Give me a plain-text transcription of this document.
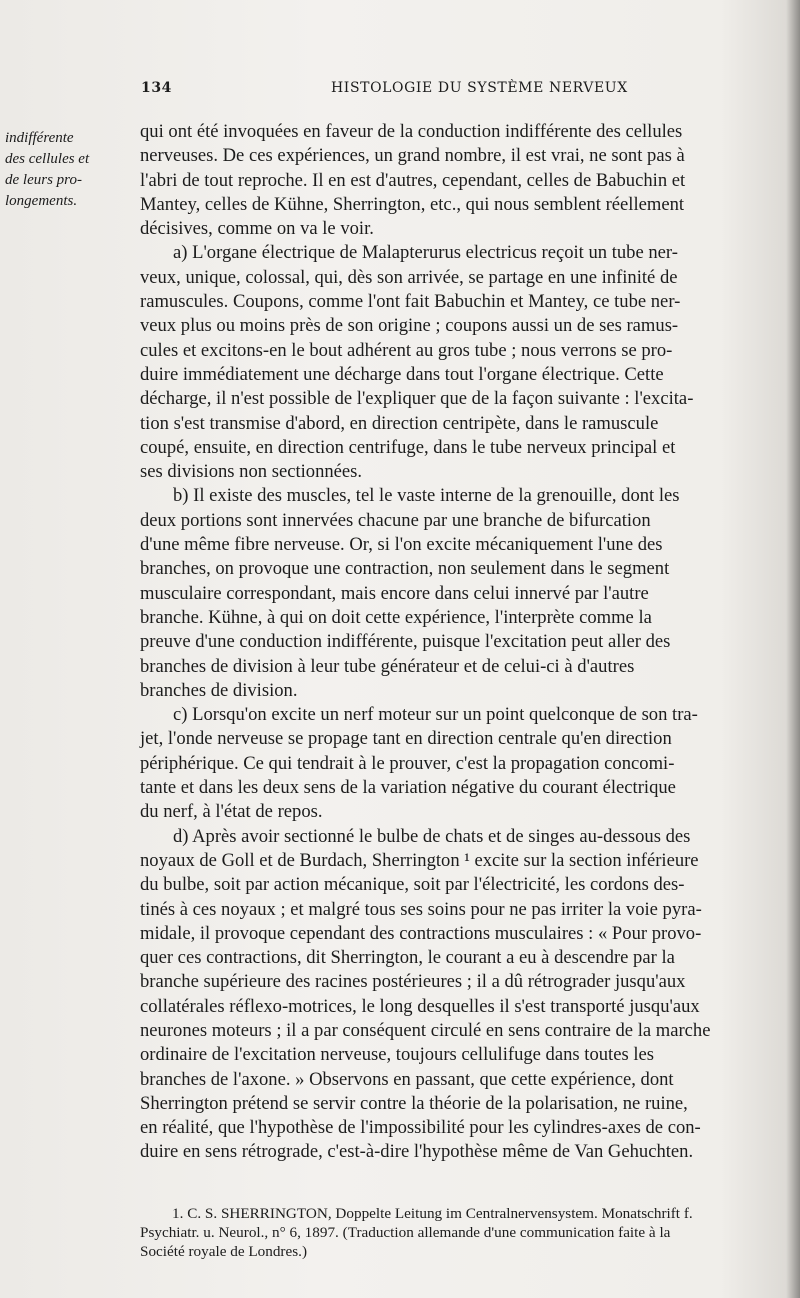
134	HISTOLOGIE DU SYSTÈME NERVEUX
indifférente
des cellules et
de leurs pro-
longements.
qui ont été invoquées en faveur de la conduction indifférente des cellules
nerveuses. De ces expériences, un grand nombre, il est vrai, ne sont pas à
l'abri de tout reproche. Il en est d'autres, cependant, celles de Babuchin et
Mantey, celles de Kühne, Sherrington, etc., qui nous semblent réellement
décisives, comme on va le voir.
a) L'organe électrique de Malapterurus electricus reçoit un tube ner-
veux, unique, colossal, qui, dès son arrivée, se partage en une infinité de
ramuscules. Coupons, comme l'ont fait Babuchin et Mantey, ce tube ner-
veux plus ou moins près de son origine ; coupons aussi un de ses ramus-
cules et excitons-en le bout adhérent au gros tube ; nous verrons se pro-
duire immédiatement une décharge dans tout l'organe électrique. Cette
décharge, il n'est possible de l'expliquer que de la façon suivante : l'excita-
tion s'est transmise d'abord, en direction centripète, dans le ramuscule
coupé, ensuite, en direction centrifuge, dans le tube nerveux principal et
ses divisions non sectionnées.
b) Il existe des muscles, tel le vaste interne de la grenouille, dont les
deux portions sont innervées chacune par une branche de bifurcation
d'une même fibre nerveuse. Or, si l'on excite mécaniquement l'une des
branches, on provoque une contraction, non seulement dans le segment
musculaire correspondant, mais encore dans celui innervé par l'autre
branche. Kühne, à qui on doit cette expérience, l'interprète comme la
preuve d'une conduction indifférente, puisque l'excitation peut aller des
branches de division à leur tube générateur et de celui-ci à d'autres
branches de division.
c) Lorsqu'on excite un nerf moteur sur un point quelconque de son tra-
jet, l'onde nerveuse se propage tant en direction centrale qu'en direction
périphérique. Ce qui tendrait à le prouver, c'est la propagation concomi-
tante et dans les deux sens de la variation négative du courant électrique
du nerf, à l'état de repos.
d) Après avoir sectionné le bulbe de chats et de singes au-dessous des
noyaux de Goll et de Burdach, Sherrington ¹ excite sur la section inférieure
du bulbe, soit par action mécanique, soit par l'électricité, les cordons des-
tinés à ces noyaux ; et malgré tous ses soins pour ne pas irriter la voie pyra-
midale, il provoque cependant des contractions musculaires : « Pour provo-
quer ces contractions, dit Sherrington, le courant a eu à descendre par la
branche supérieure des racines postérieures ; il a dû rétrograder jusqu'aux
collatérales réflexo-motrices, le long desquelles il s'est transporté jusqu'aux
neurones moteurs ; il a par conséquent circulé en sens contraire de la marche
ordinaire de l'excitation nerveuse, toujours cellulifuge dans toutes les
branches de l'axone. » Observons en passant, que cette expérience, dont
Sherrington prétend se servir contre la théorie de la polarisation, ne ruine,
en réalité, que l'hypothèse de l'impossibilité pour les cylindres-axes de con-
duire en sens rétrograde, c'est-à-dire l'hypothèse même de Van Gehuchten.
1. C. S. SHERRINGTON, Doppelte Leitung im Centralnervensystem. Monatschrift f.
Psychiatr. u. Neurol., n° 6, 1897. (Traduction allemande d'une communication faite à la
Société royale de Londres.)
